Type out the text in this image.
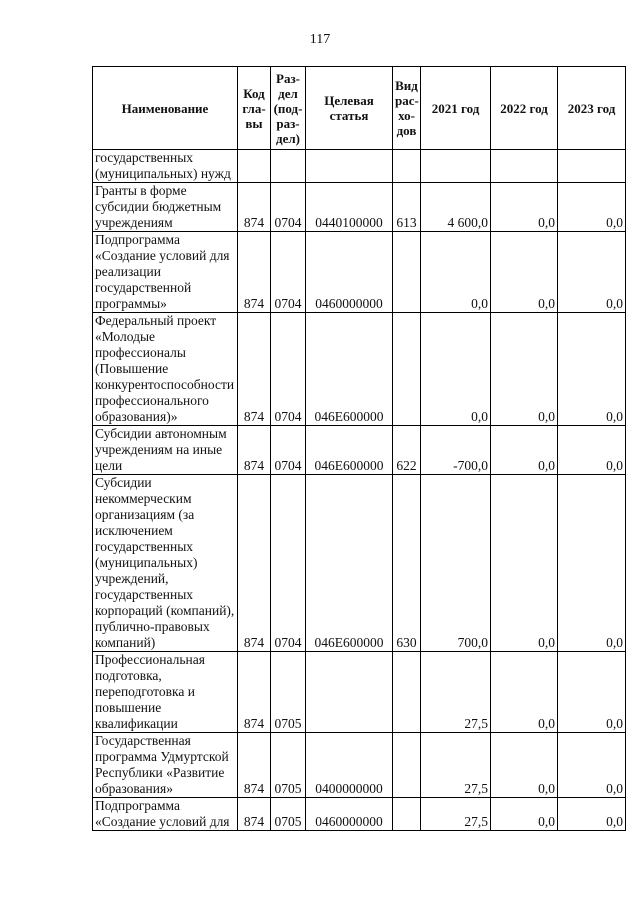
117
Наименование	Код гла- вы	Раз- дел (под- раз- дел)	Целевая статья	Вид рас- хо- дов	2021 год	2022 год	2023 год
государственных (муниципальных) нужд							
Гранты в форме субсидии бюджетным учреждениям	874	0704	0440100000	613	4 600,0	0,0	0,0
Подпрограмма «Создание условий для реализации государственной программы»	874	0704	0460000000		0,0	0,0	0,0
Федеральный проект «Молодые профессионалы (Повышение конкурентоспособности профессионального образования)»	874	0704	046E600000		0,0	0,0	0,0
Субсидии автономным учреждениям на иные цели	874	0704	046E600000	622	-700,0	0,0	0,0
Субсидии некоммерческим организациям (за исключением государственных (муниципальных) учреждений, государственных корпораций (компаний), публично-правовых компаний)	874	0704	046E600000	630	700,0	0,0	0,0
Профессиональная подготовка, переподготовка и повышение квалификации	874	0705			27,5	0,0	0,0
Государственная программа Удмуртской Республики «Развитие образования»	874	0705	0400000000		27,5	0,0	0,0
Подпрограмма «Создание условий для	874	0705	0460000000		27,5	0,0	0,0
